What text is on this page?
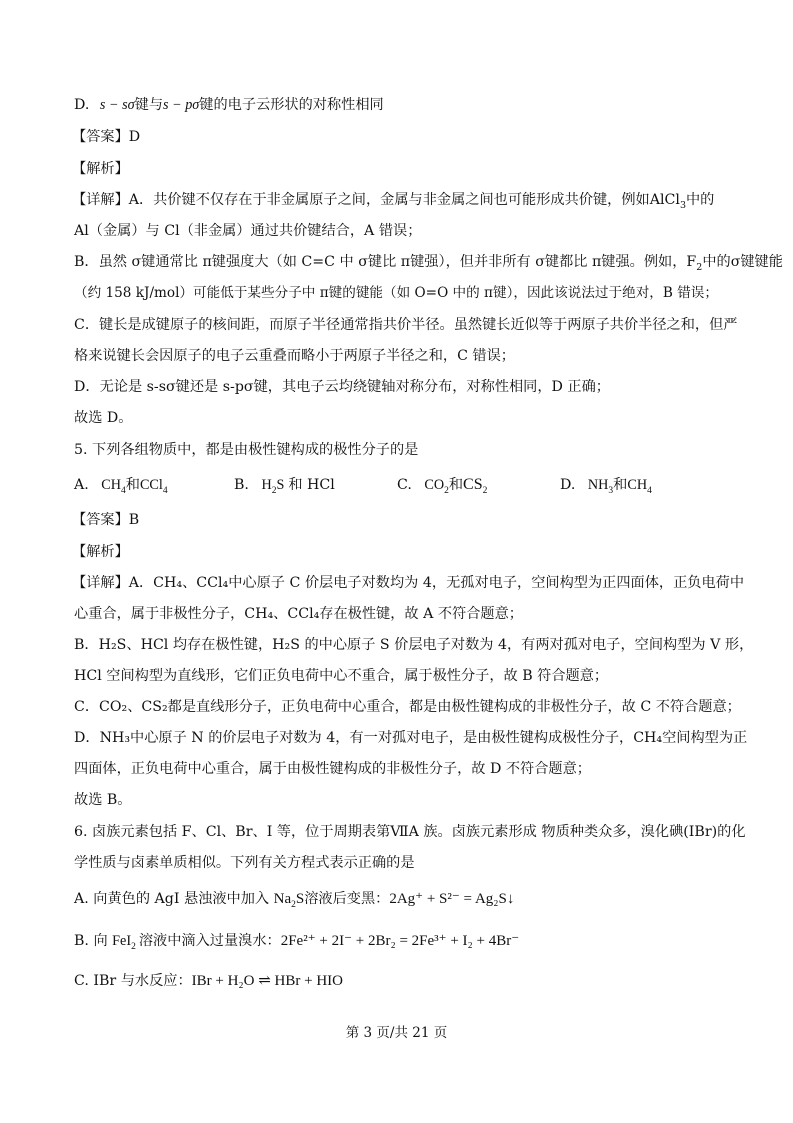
D. s − sσ键与s − pσ键的电子云形状的对称性相同
【答案】D
【解析】
【详解】A．共价键不仅存在于非金属原子之间，金属与非金属之间也可能形成共价键，例如AlCl$_3$中的
Al（金属）与 Cl（非金属）通过共价键结合，A 错误；
B．虽然 σ键通常比 π键强度大（如 C=C 中 σ键比 π键强），但并非所有 σ键都比 π键强。例如，$F_2$中的σ键键能
（约 158 kJ/mol）可能低于某些分子中 π键的键能（如 O=O 中的 π键），因此该说法过于绝对，B 错误；
C．键长是成键原子的核间距，而原子半径通常指共价半径。虽然键长近似等于两原子共价半径之和，但严
格来说键长会因原子的电子云重叠而略小于两原子半径之和，C 错误；
D．无论是 s-sσ键还是 s-pσ键，其电子云均绕键轴对称分布，对称性相同，D 正确；
故选 D。
5. 下列各组物质中，都是由极性键构成的极性分子的是
A. $CH_4$和CCl$_4$	B. $H_2S$ 和 HCl	C. $CO_2$和$CS_2$	D. $NH_3$和$CH_4$
【答案】B
【解析】
【详解】A．CH₄、CCl₄中心原子 C 价层电子对数均为 4，无孤对电子，空间构型为正四面体，正负电荷中
心重合，属于非极性分子，CH₄、CCl₄存在极性键，故 A 不符合题意；
B．H₂S、HCl 均存在极性键，H₂S 的中心原子 S 价层电子对数为 4，有两对孤对电子，空间构型为 V 形，
HCl 空间构型为直线形，它们正负电荷中心不重合，属于极性分子，故 B 符合题意；
C．CO₂、CS₂都是直线形分子，正负电荷中心重合，都是由极性键构成的非极性分子，故 C 不符合题意；
D．NH₃中心原子 N 的价层电子对数为 4，有一对孤对电子，是由极性键构成极性分子，CH₄空间构型为正
四面体，正负电荷中心重合，属于由极性键构成的非极性分子，故 D 不符合题意；
故选 B。
6. 卤族元素包括 F、Cl、Br、I 等，位于周期表第ⅦA 族。卤族元素形成 物质种类众多，溴化碘(IBr)的化
学性质与卤素单质相似。下列有关方程式表示正确的是
A. 向黄色的 AgI 悬浊液中加入 $Na_2S$溶液后变黑：2Ag⁺ + S²⁻ = Ag₂S↓
B. 向 FeI$_2$ 溶液中滴入过量溴水：2Fe²⁺ + 2I⁻ + 2Br₂ = 2Fe³⁺ + I₂ + 4Br⁻
C. IBr 与水反应：IBr + H₂O ⇌ HBr + HIO
第 3 页/共 21 页
